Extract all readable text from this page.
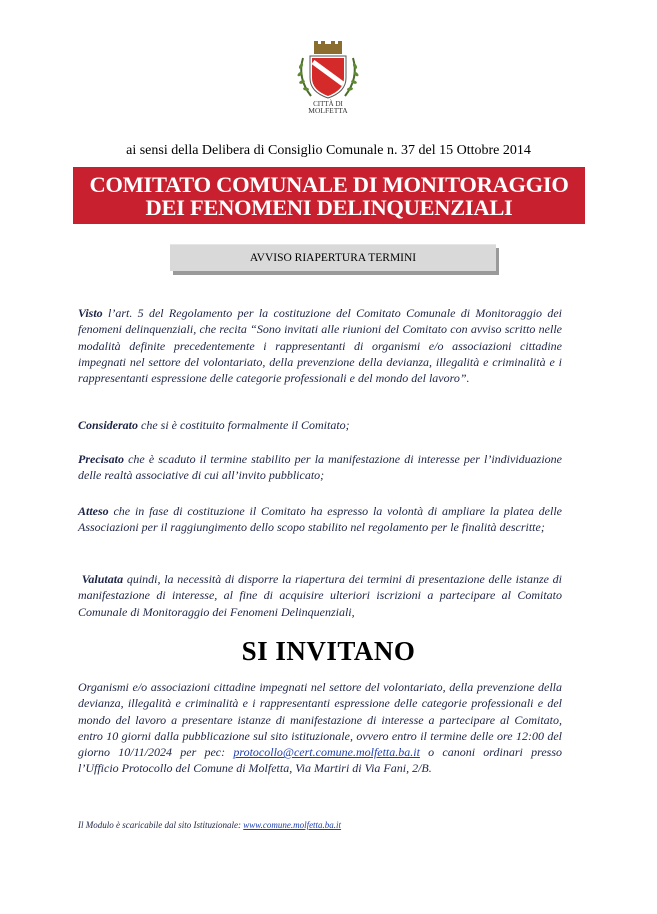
CITTÀ DI
MOLFETTA
ai sensi della Delibera di Consiglio Comunale n. 37 del 15 Ottobre 2014
COMITATO COMUNALE DI MONITORAGGIO
DEI FENOMENI DELINQUENZIALI
AVVISO RIAPERTURA TERMINI
Visto l’art. 5 del Regolamento per la costituzione del Comitato Comunale di Monitoraggio dei fenomeni delinquenziali, che recita “Sono invitati alle riunioni del Comitato con avviso scritto nelle modalità definite precedentemente i rappresentanti di organismi e/o associazioni cittadine impegnati nel settore del volontariato, della prevenzione della devianza, illegalità e criminalità e i rappresentanti espressione delle categorie professionali e del mondo del lavoro”.
Considerato che si è costituito formalmente il Comitato;
Precisato che è scaduto il termine stabilito per la manifestazione di interesse per l’individuazione delle realtà associative di cui all’invito pubblicato;
Atteso che in fase di costituzione il Comitato ha espresso la volontà di ampliare la platea delle Associazioni per il raggiungimento dello scopo stabilito nel regolamento per le finalità descritte;
Valutata quindi, la necessità di disporre la riapertura dei termini di presentazione delle istanze di manifestazione di interesse, al fine di acquisire ulteriori iscrizioni a partecipare al Comitato Comunale di Monitoraggio dei Fenomeni Delinquenziali,
SI INVITANO
Organismi e/o associazioni cittadine impegnati nel settore del volontariato, della prevenzione della devianza, illegalità e criminalità e i rappresentanti espressione delle categorie professionali e del mondo del lavoro a presentare istanze di manifestazione di interesse a partecipare al Comitato, entro 10 giorni dalla pubblicazione sul sito istituzionale, ovvero entro il termine delle ore 12:00 del giorno 10/11/2024 per pec: protocollo@cert.comune.molfetta.ba.it o canoni ordinari presso l’Ufficio Protocollo del Comune di Molfetta, Via Martiri di Via Fani, 2/B.
Il Modulo è scaricabile dal sito Istituzionale: www.comune.molfetta.ba.it
